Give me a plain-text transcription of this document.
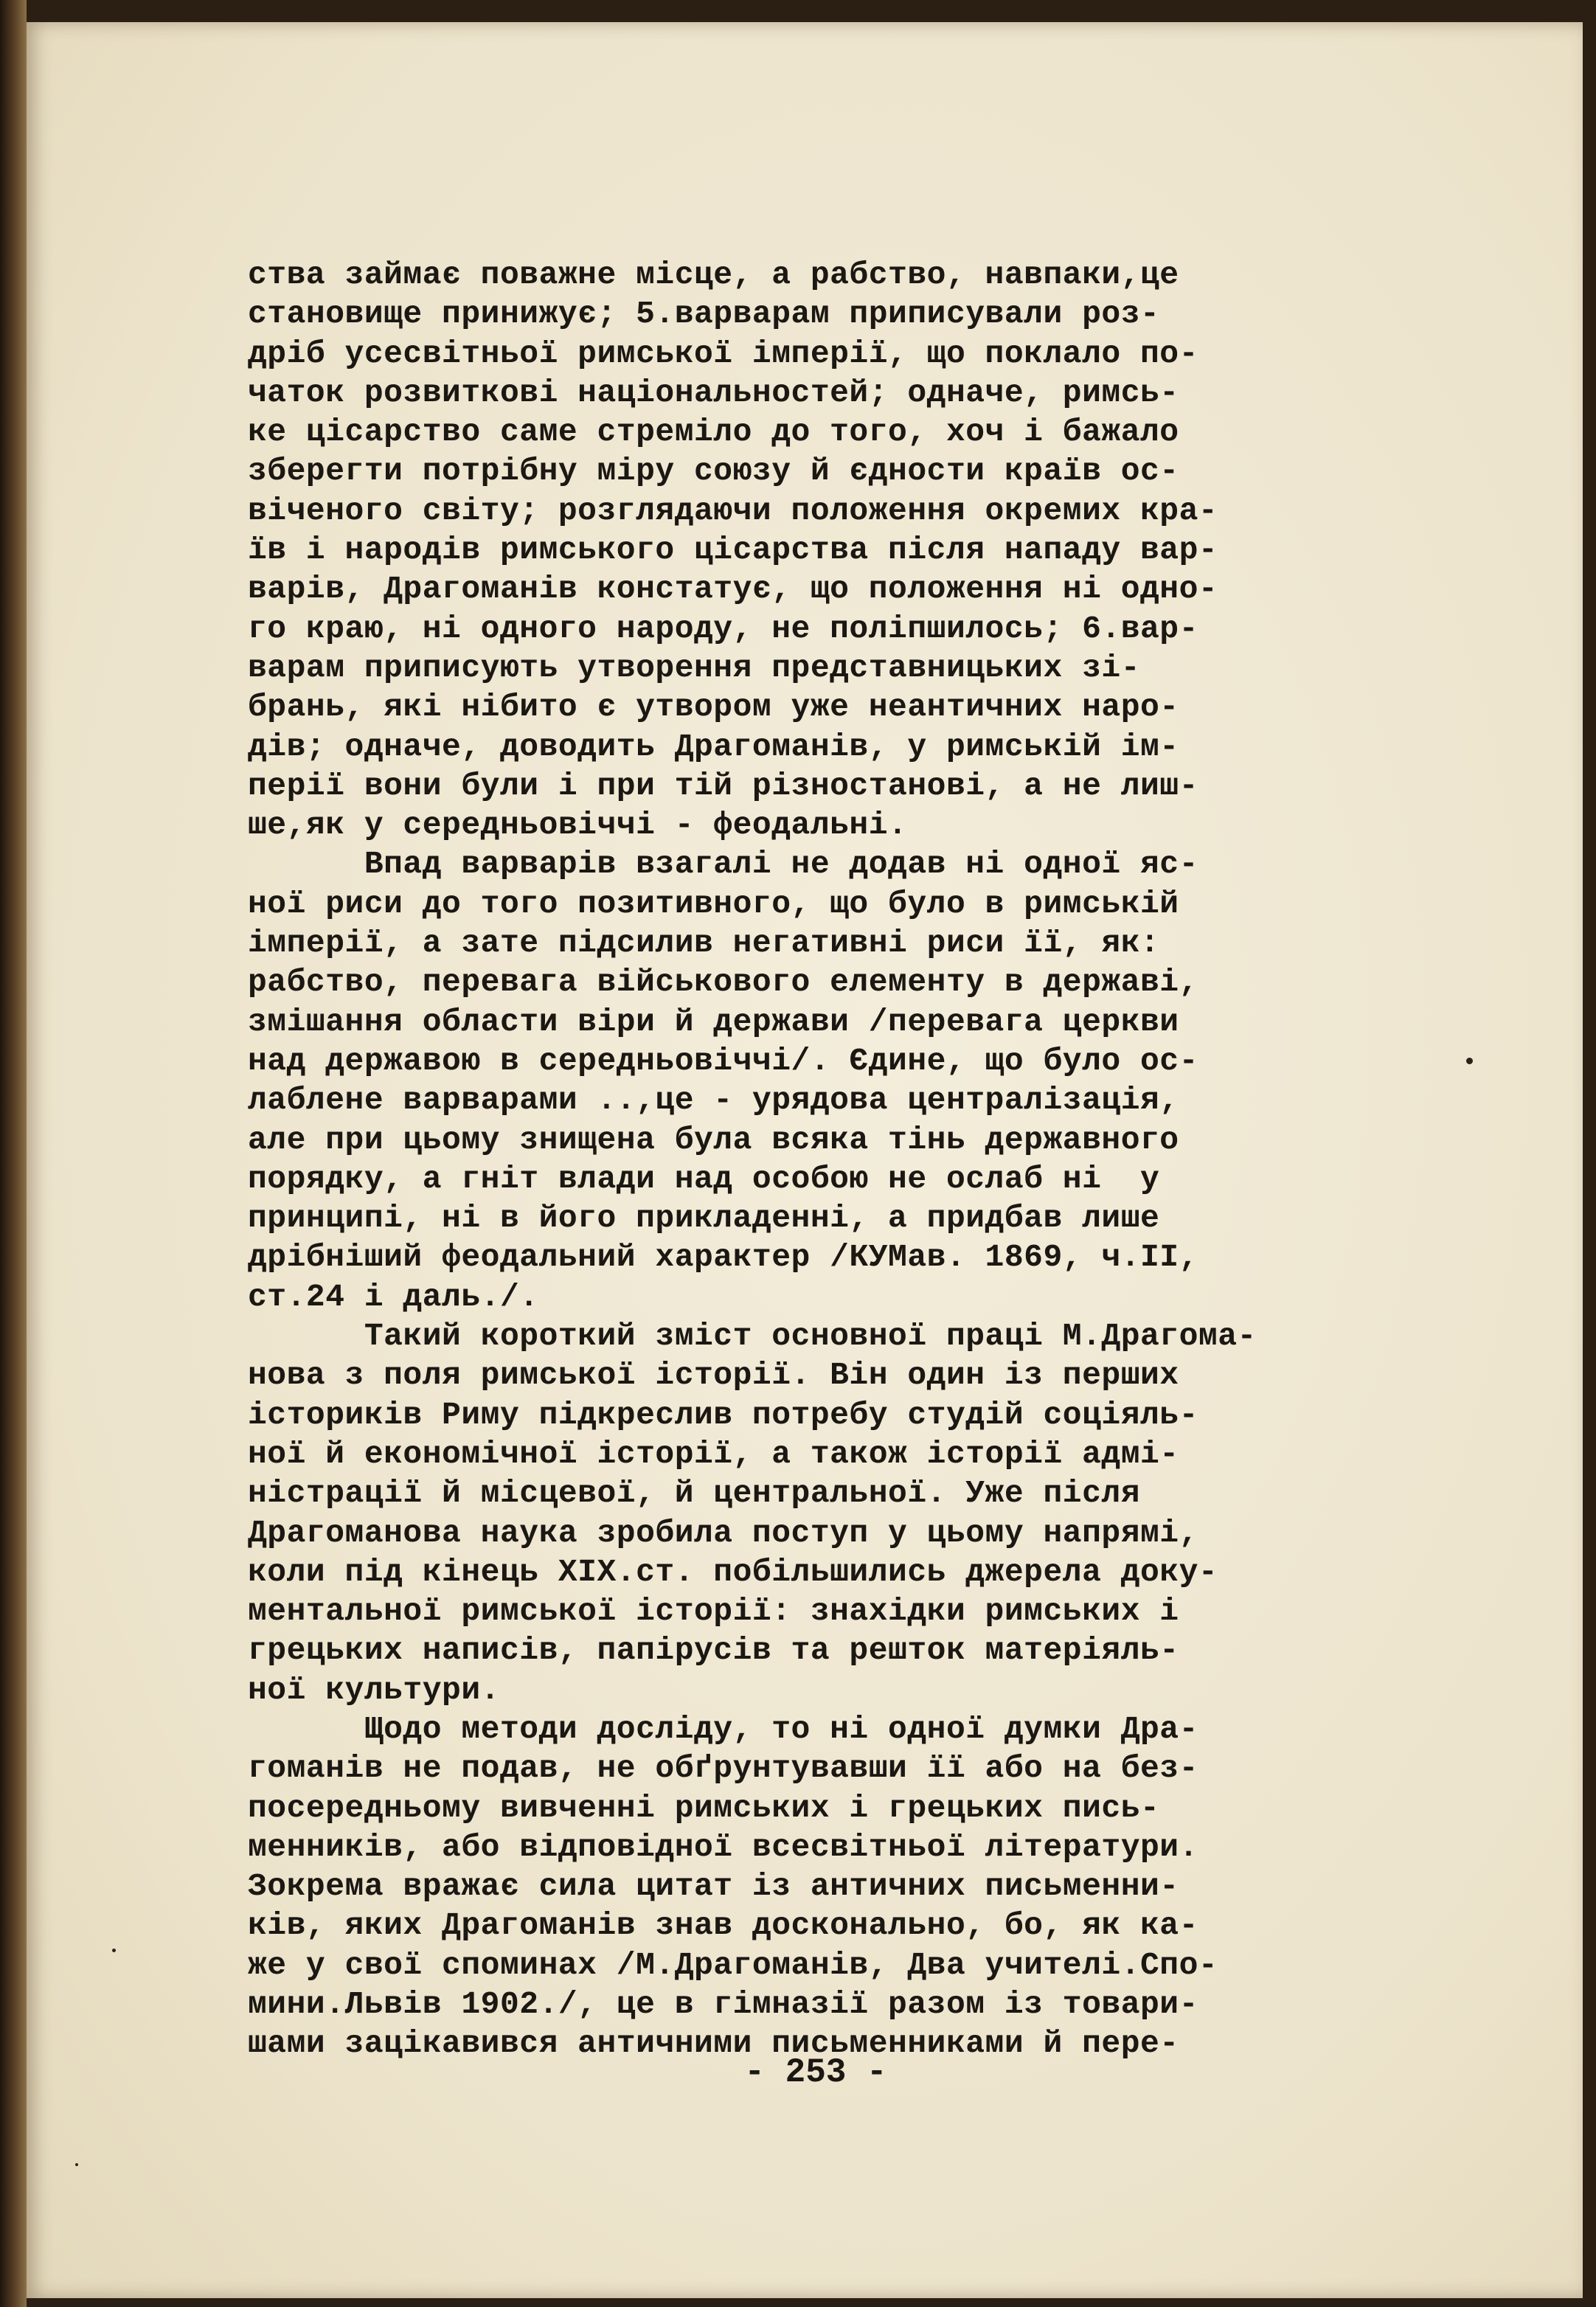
ства займає поважне місце, а рабство, навпаки,це
становище принижує; 5.варварам приписували роз-
дріб усесвітньої римської імперії, що поклало по-
чаток розвиткові національностей; одначе, римсь-
ке цісарство саме стреміло до того, хоч і бажало
зберегти потрібну міру союзу й єдности країв ос-
віченого світу; розглядаючи положення окремих кра-
їв і народів римського цісарства після нападу вар-
варів, Драгоманів констатує, що положення ні одно-
го краю, ні одного народу, не поліпшилось; 6.вар-
варам приписують утворення представницьких зі-
брань, які нібито є утвором уже неантичних наро-
дів; одначе, доводить Драгоманів, у римській ім-
перії вони були і при тій різностанові, а не лиш-
ше,як у середньовіччі - феодальні.
Впад варварів взагалі не додав ні одної яс-
ної риси до того позитивного, що було в римській
імперії, а зате підсилив негативні риси її, як:
рабство, перевага військового елементу в державі,
змішання области віри й держави /перевага церкви
над державою в середньовіччі/. Єдине, що було ос-
лаблене варварами ..,це - урядова централізація,
але при цьому знищена була всяка тінь державного
порядку, а гніт влади над особою не ослаб ні  у
принципі, ні в його прикладенні, а придбав лише
дрібніший феодальний характер /КУМав. 1869, ч.II,
ст.24 і даль./.
Такий короткий зміст основної праці М.Драгома-
нова з поля римської історії. Він один із перших
істориків Риму підкреслив потребу студій соціяль-
ної й економічної історії, а також історії адмі-
ністрації й місцевої, й центральної. Уже після
Драгоманова наука зробила поступ у цьому напрямі,
коли під кінець XIX.ст. побільшились джерела доку-
ментальної римської історії: знахідки римських і
грецьких написів, папірусів та решток матеріяль-
ної культури.
Щодо методи досліду, то ні одної думки Дра-
гоманів не подав, не обґрунтувавши її або на без-
посередньому вивченні римських і грецьких пись-
менників, або відповідної всесвітньої літератури.
Зокрема вражає сила цитат із античних письменни-
ків, яких Драгоманів знав досконально, бо, як ка-
же у свої споминах /М.Драгоманів, Два учителі.Спо-
мини.Львів 1902./, це в гімназії разом із товари-
шами зацікавився античними письменниками й пере-
- 253 -
